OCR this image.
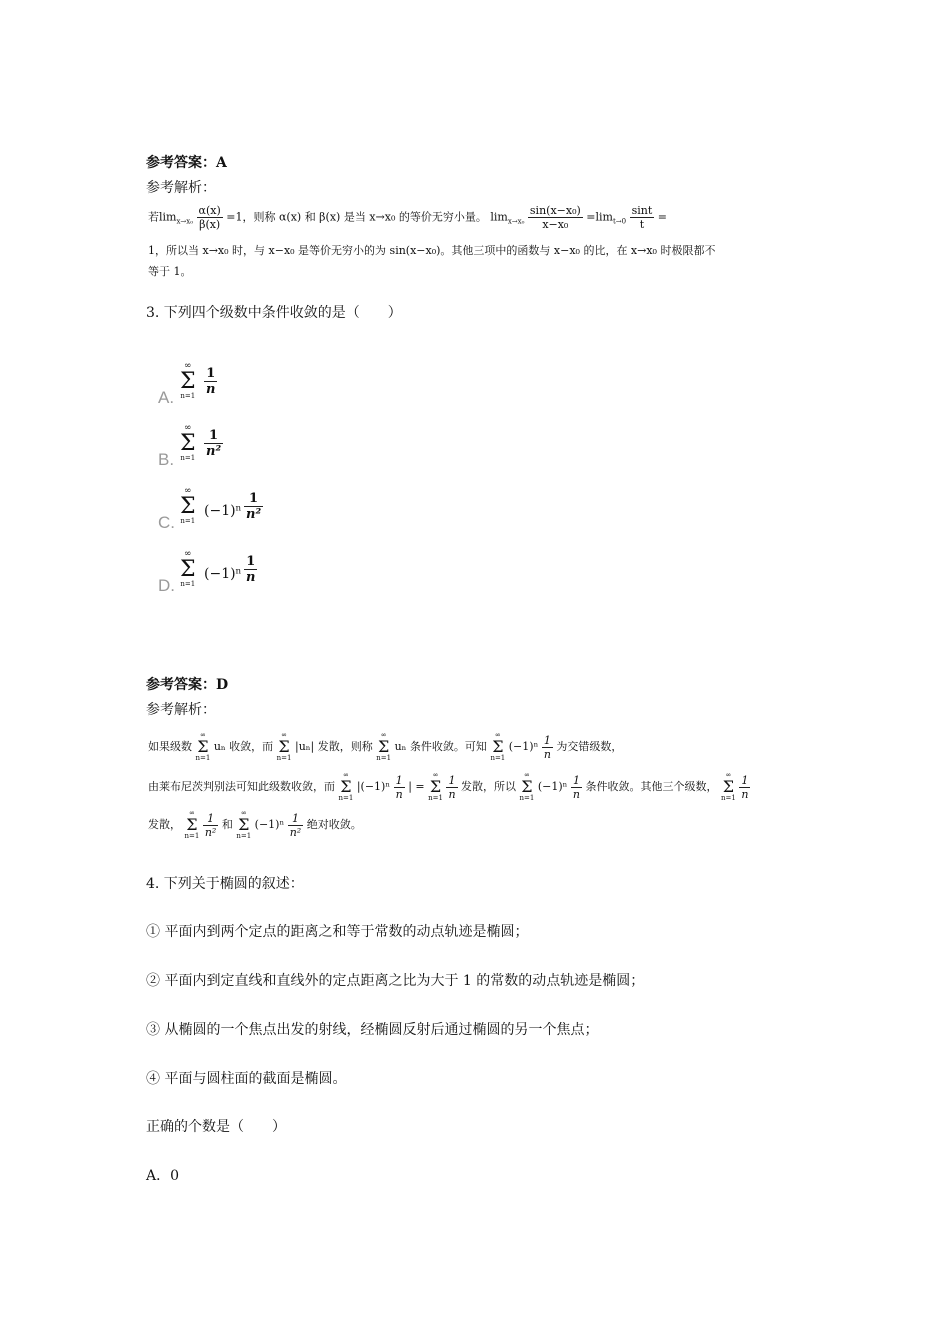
参考答案：A
参考解析：
若$\lim_{x\to x_0} \frac{\alpha(x)}{\beta(x)} =1$，则称 α(x) 和 β(x) 是当 x→x₀ 的等价无穷小量。 $\lim_{x\to x_0} \frac{\text{sin(x−x₀)}}{\text{x−x₀}} =\lim_{t\to 0} \frac{\sin t}{t}$ =
1，所以当 x→x₀ 时，与 x−x₀ 是等价无穷小的为 sin(x−x₀)。其他三项中的函数与 x−x₀ 的比，在 x→x₀ 时极限都不
等于 1。
3. 下列四个级数中条件收敛的是（　　）
A.
∞
Σ
$n=1 \frac{1}{n}$
B.
∞
Σ
$n=1 \frac{1}{\text{n²}}$
C.
∞
Σ
n=1
$(-1)^n \frac{1}{\text{n²}}$
D.
∞
Σ
n=1
$(-1)^n \frac{1}{n}$
参考答案：D
参考解析：
如果级数
∞
Σ
n=1
uₙ 收敛，而
∞
Σ
n=1
|uₙ| 发散，则称
∞
Σ
n=1
uₙ 条件收敛。可知
∞
Σ
n=1
$(-1)^n \frac{1}{n}$ 为交错级数，
由莱布尼茨判别法可知此级数收敛，而
∞
Σ
n=1
$|(-1)^n \frac{1}{n}$ | =
∞
Σ
n=1
$\frac{1}{n}$ 发散，所以
∞
Σ
n=1
$(-1)^n \frac{1}{n}$ 条件收敛。其他三个级数，
∞
Σ
n=1
$\frac{1}{n}$
发散，
∞
Σ
n=1
$\frac{1}{\text{n²}}$ 和
∞
Σ
n=1
$(-1)^n \frac{1}{\text{n²}}$ 绝对收敛。
4. 下列关于椭圆的叙述：
① 平面内到两个定点的距离之和等于常数的动点轨迹是椭圆；
② 平面内到定直线和直线外的定点距离之比为大于 1 的常数的动点轨迹是椭圆；
③ 从椭圆的一个焦点出发的射线，经椭圆反射后通过椭圆的另一个焦点；
④ 平面与圆柱面的截面是椭圆。
正确的个数是（　　）
A．0
